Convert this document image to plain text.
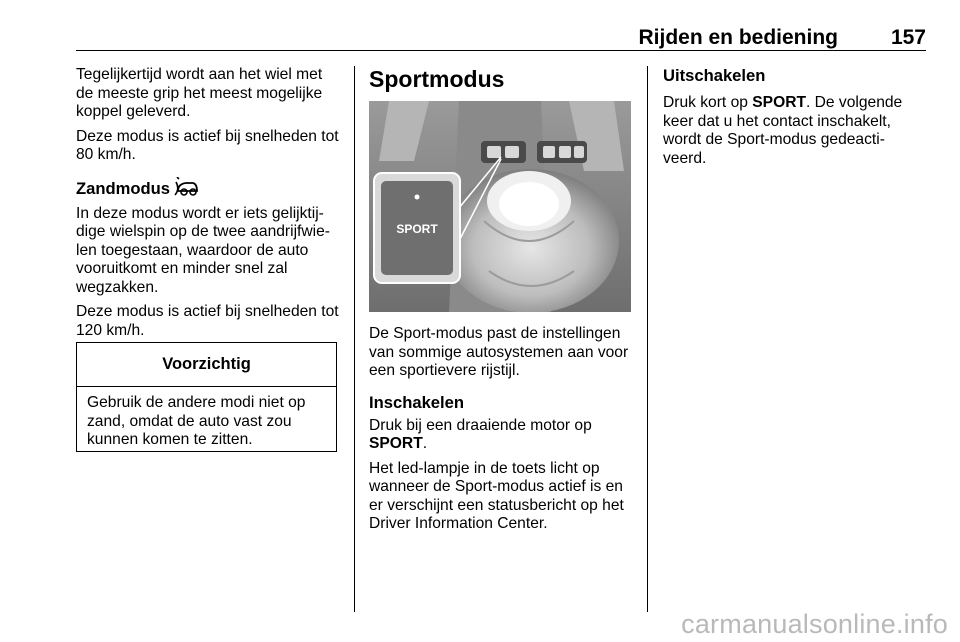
Rijden en bediening	157

Tegelijkertijd wordt aan het wiel met
de meeste grip het meest mogelijke
koppel geleverd.

Deze modus is actief bij snelheden tot
80 km/h.

Zandmodus

In deze modus wordt er iets gelijktij-
dige wielspin op de twee aandrijfwie-
len toegestaan, waardoor de auto
vooruitkomt en minder snel zal
wegzakken.

Deze modus is actief bij snelheden tot
120 km/h.

Voorzichtig
Gebruik de andere modi niet op
zand, omdat de auto vast zou
kunnen komen te zitten.
Sportmodus
SPORT

De Sport-modus past de instellingen
van sommige autosystemen aan voor
een sportievere rijstijl.

Inschakelen

Druk bij een draaiende motor op
SPORT.

Het led-lampje in de toets licht op
wanneer de Sport-modus actief is en
er verschijnt een statusbericht op het
Driver Information Center.

Uitschakelen

Druk kort op SPORT. De volgende
keer dat u het contact inschakelt,
wordt de Sport-modus gedeacti-
veerd.

carmanualsonline.info
